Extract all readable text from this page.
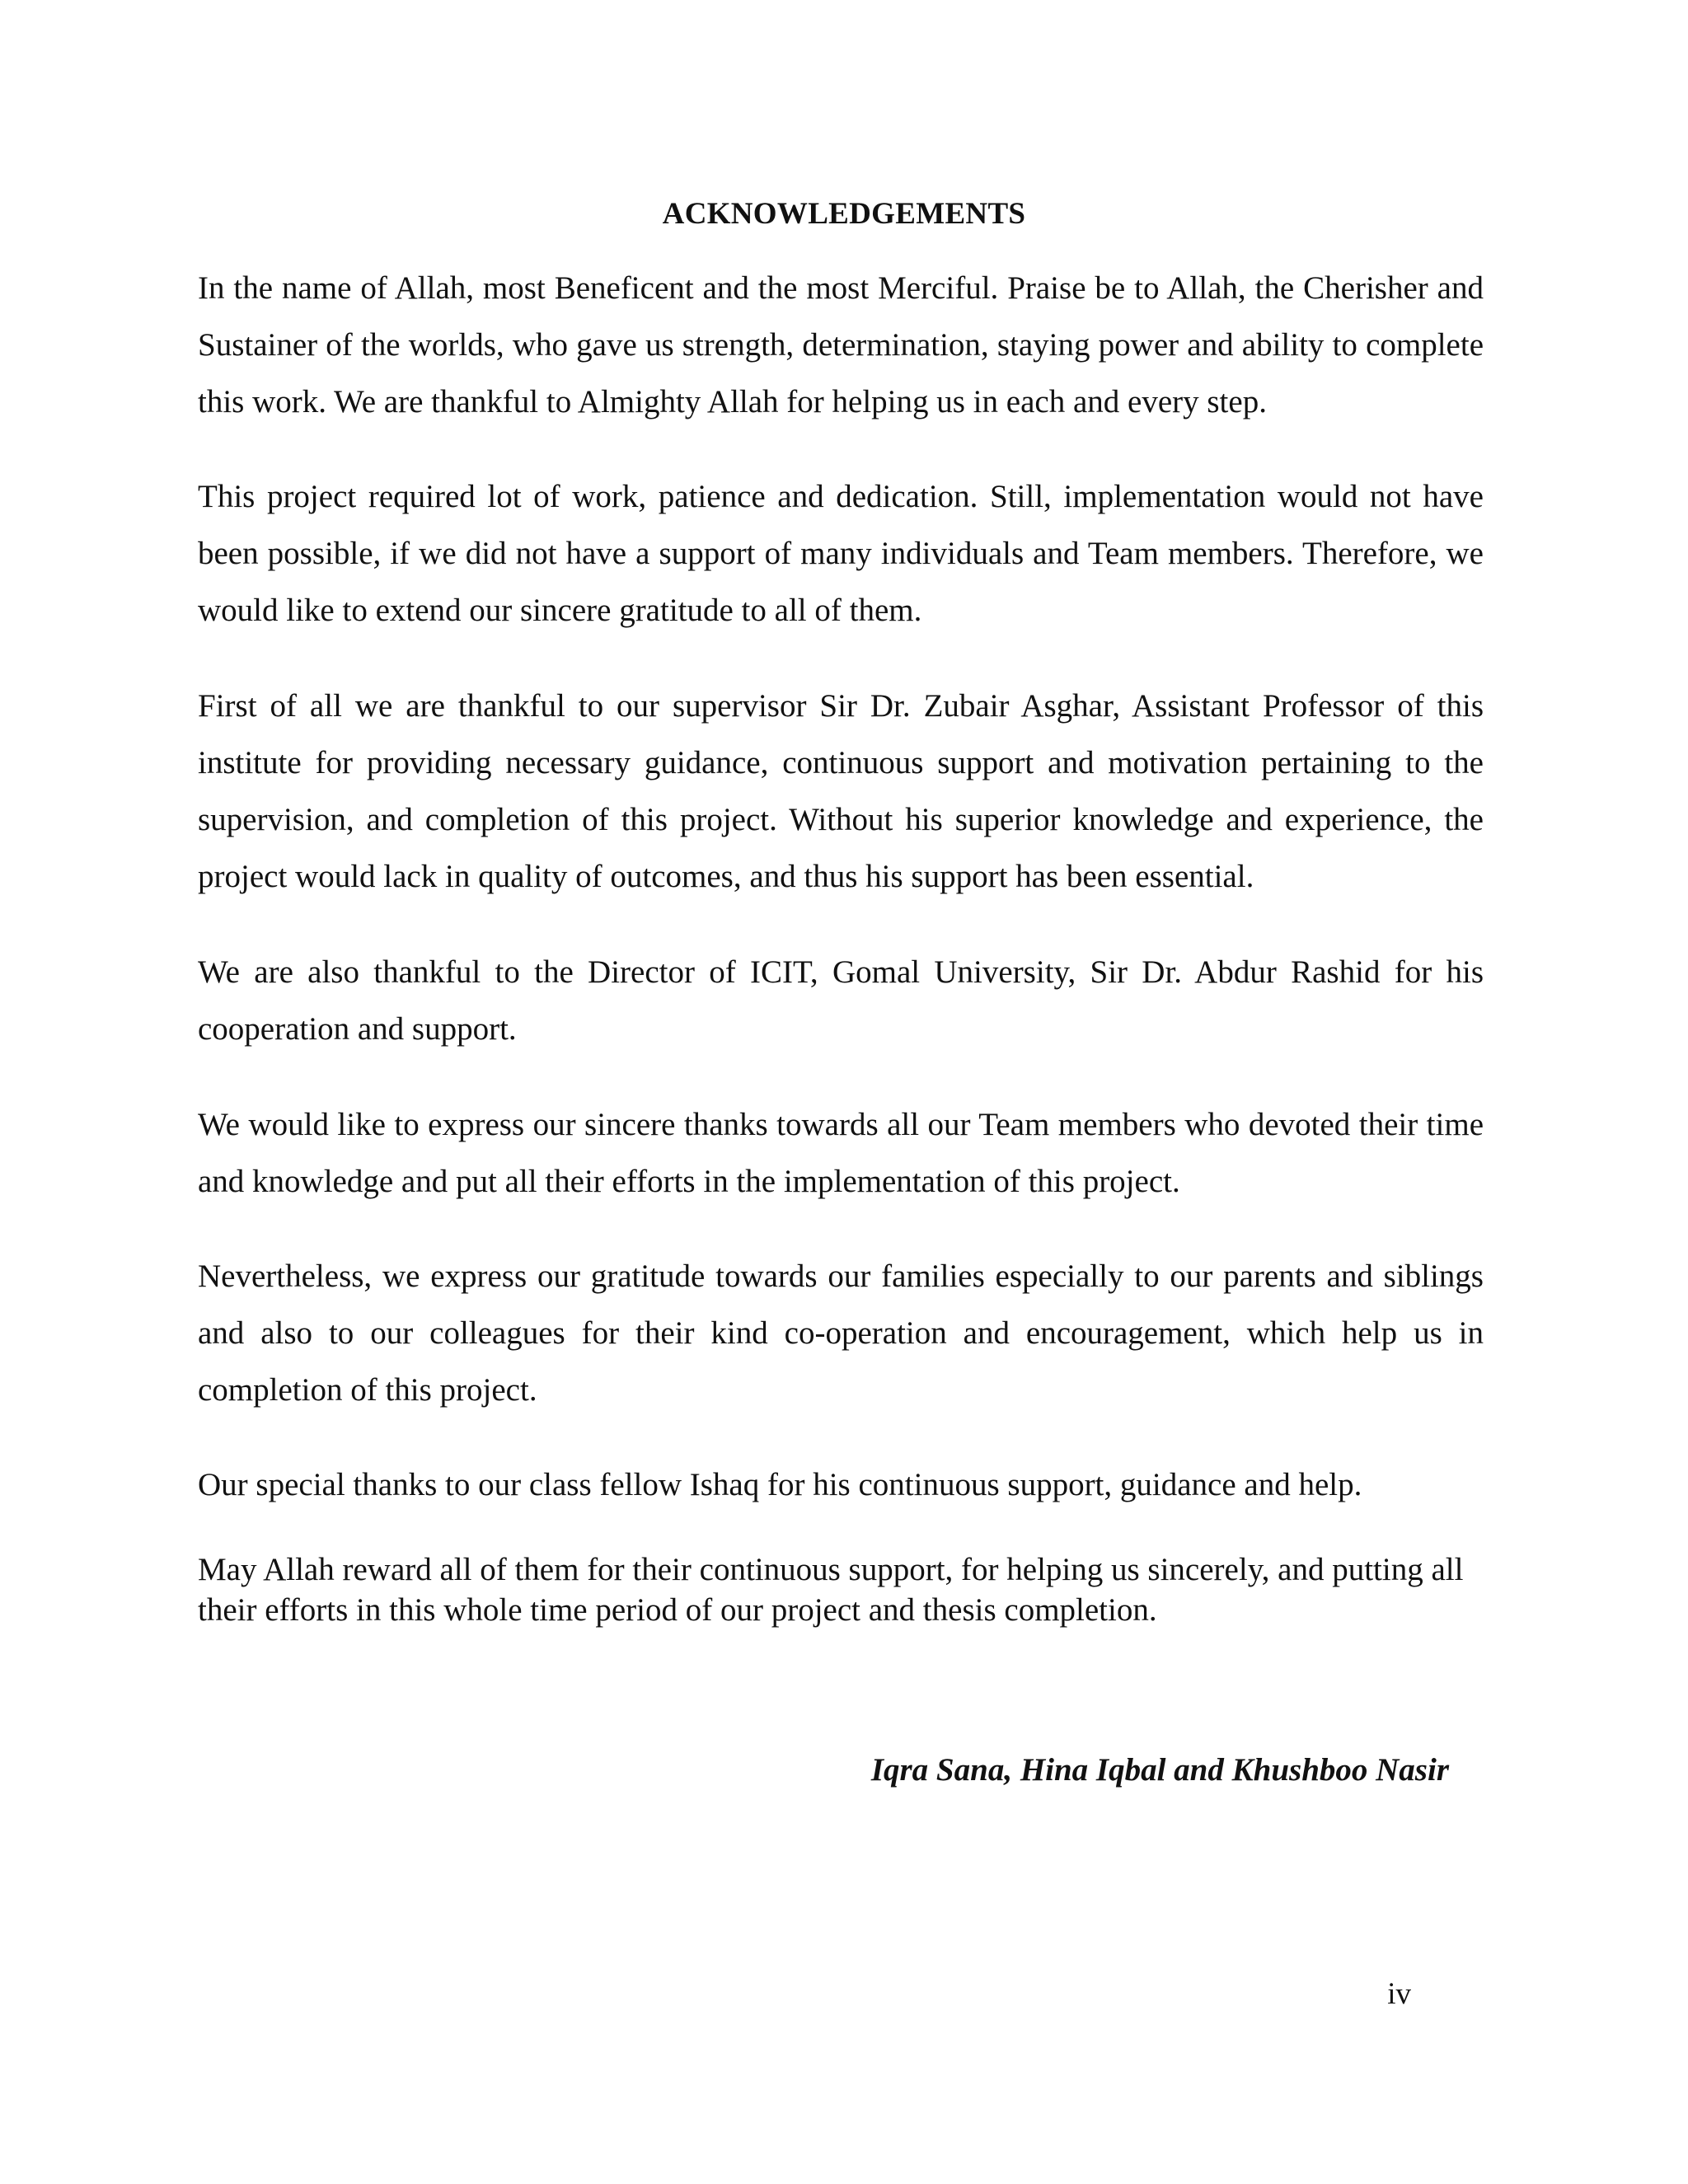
ACKNOWLEDGEMENTS

In the name of Allah, most Beneficent and the most Merciful. Praise be to Allah, the Cherisher and Sustainer of the worlds, who gave us strength, determination, staying power and ability to complete this work. We are thankful to Almighty Allah for helping us in each and every step.

This project required lot of work, patience and dedication. Still, implementation would not have been possible, if we did not have a support of many individuals and Team members. Therefore, we would like to extend our sincere gratitude to all of them.

First of all we are thankful to our supervisor Sir Dr. Zubair Asghar, Assistant Professor of this institute for providing necessary guidance, continuous support and motivation pertaining to the supervision, and completion of this project. Without his superior knowledge and experience, the project would lack in quality of outcomes, and thus his support has been essential.

We are also thankful to the Director of ICIT, Gomal University, Sir Dr. Abdur Rashid for his cooperation and support.

We would like to express our sincere thanks towards all our Team members who devoted their time and knowledge and put all their efforts in the implementation of this project.

Nevertheless, we express our gratitude towards our families especially to our parents and siblings and also to our colleagues for their kind co-operation and encouragement, which help us in completion of this project.

Our special thanks to our class fellow Ishaq for his continuous support, guidance and help.

May Allah reward all of them for their continuous support, for helping us sincerely, and putting all their efforts in this whole time period of our project and thesis completion.

Iqra Sana, Hina Iqbal and Khushboo Nasir
iv
